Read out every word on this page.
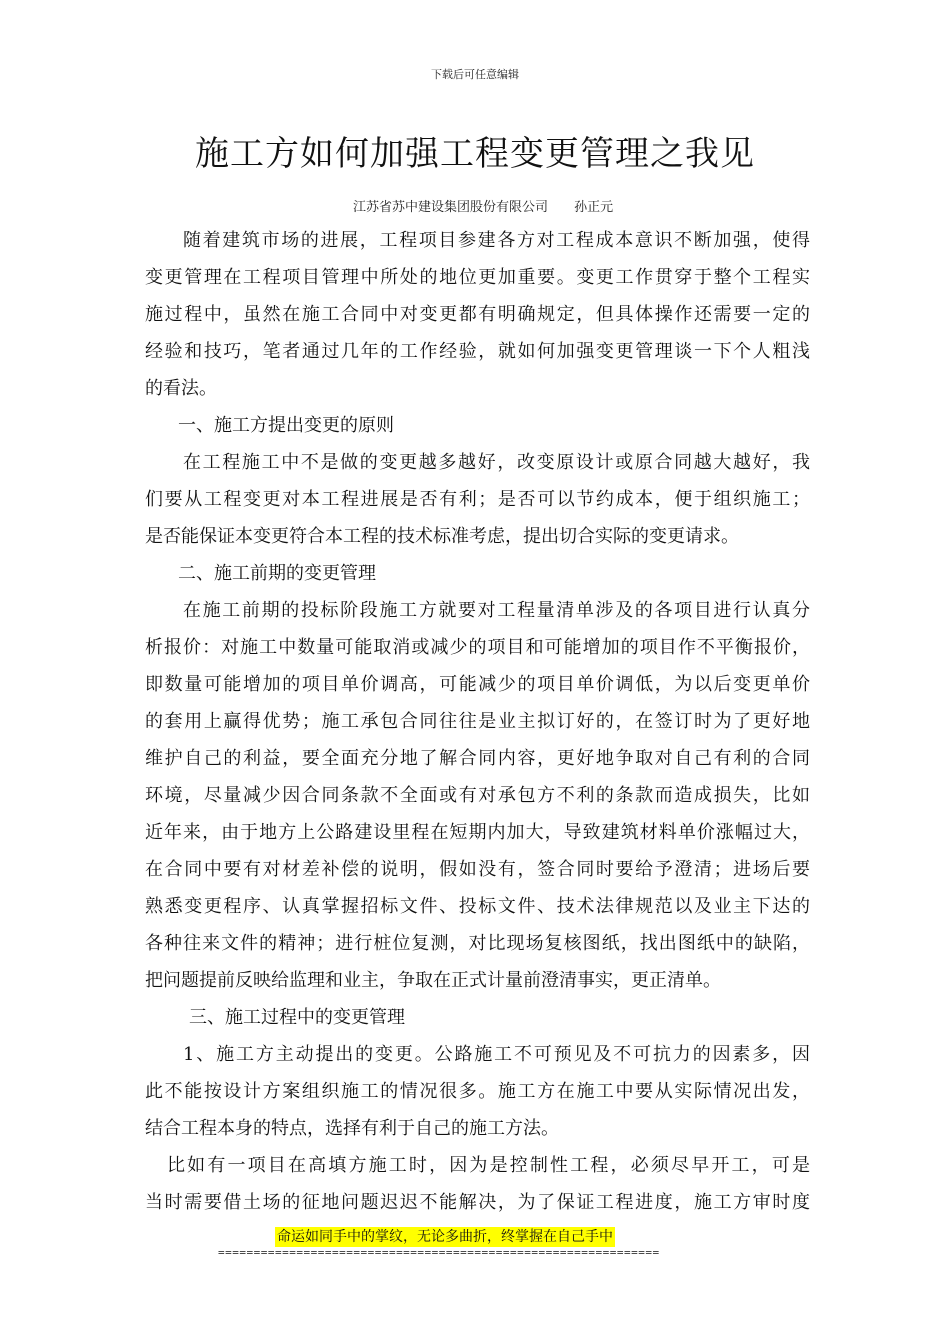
下载后可任意编辑
施工方如何加强工程变更管理之我见
江苏省苏中建设集团股份有限公司 孙正元
随着建筑市场的进展，工程项目参建各方对工程成本意识不断加强，使得
变更管理在工程项目管理中所处的地位更加重要。变更工作贯穿于整个工程实
施过程中，虽然在施工合同中对变更都有明确规定，但具体操作还需要一定的
经验和技巧，笔者通过几年的工作经验，就如何加强变更管理谈一下个人粗浅
的看法。
一、施工方提出变更的原则
在工程施工中不是做的变更越多越好，改变原设计或原合同越大越好，我
们要从工程变更对本工程进展是否有利；是否可以节约成本，便于组织施工；
是否能保证本变更符合本工程的技术标准考虑，提出切合实际的变更请求。
二、施工前期的变更管理
在施工前期的投标阶段施工方就要对工程量清单涉及的各项目进行认真分
析报价：对施工中数量可能取消或减少的项目和可能增加的项目作不平衡报价，
即数量可能增加的项目单价调高，可能减少的项目单价调低，为以后变更单价
的套用上赢得优势；施工承包合同往往是业主拟订好的，在签订时为了更好地
维护自己的利益，要全面充分地了解合同内容，更好地争取对自己有利的合同
环境，尽量减少因合同条款不全面或有对承包方不利的条款而造成损失，比如
近年来，由于地方上公路建设里程在短期内加大，导致建筑材料单价涨幅过大，
在合同中要有对材差补偿的说明，假如没有，签合同时要给予澄清；进场后要
熟悉变更程序、认真掌握招标文件、投标文件、技术法律规范以及业主下达的
各种往来文件的精神；进行桩位复测，对比现场复核图纸，找出图纸中的缺陷，
把问题提前反映给监理和业主，争取在正式计量前澄清事实，更正清单。
三、施工过程中的变更管理
1、施工方主动提出的变更。公路施工不可预见及不可抗力的因素多，因
此不能按设计方案组织施工的情况很多。施工方在施工中要从实际情况出发，
结合工程本身的特点，选择有利于自己的施工方法。
比如有一项目在高填方施工时，因为是控制性工程，必须尽早开工，可是
当时需要借土场的征地问题迟迟不能解决，为了保证工程进度，施工方审时度
命运如同手中的掌纹，无论多曲折，终掌握在自己手中
==============================================================
